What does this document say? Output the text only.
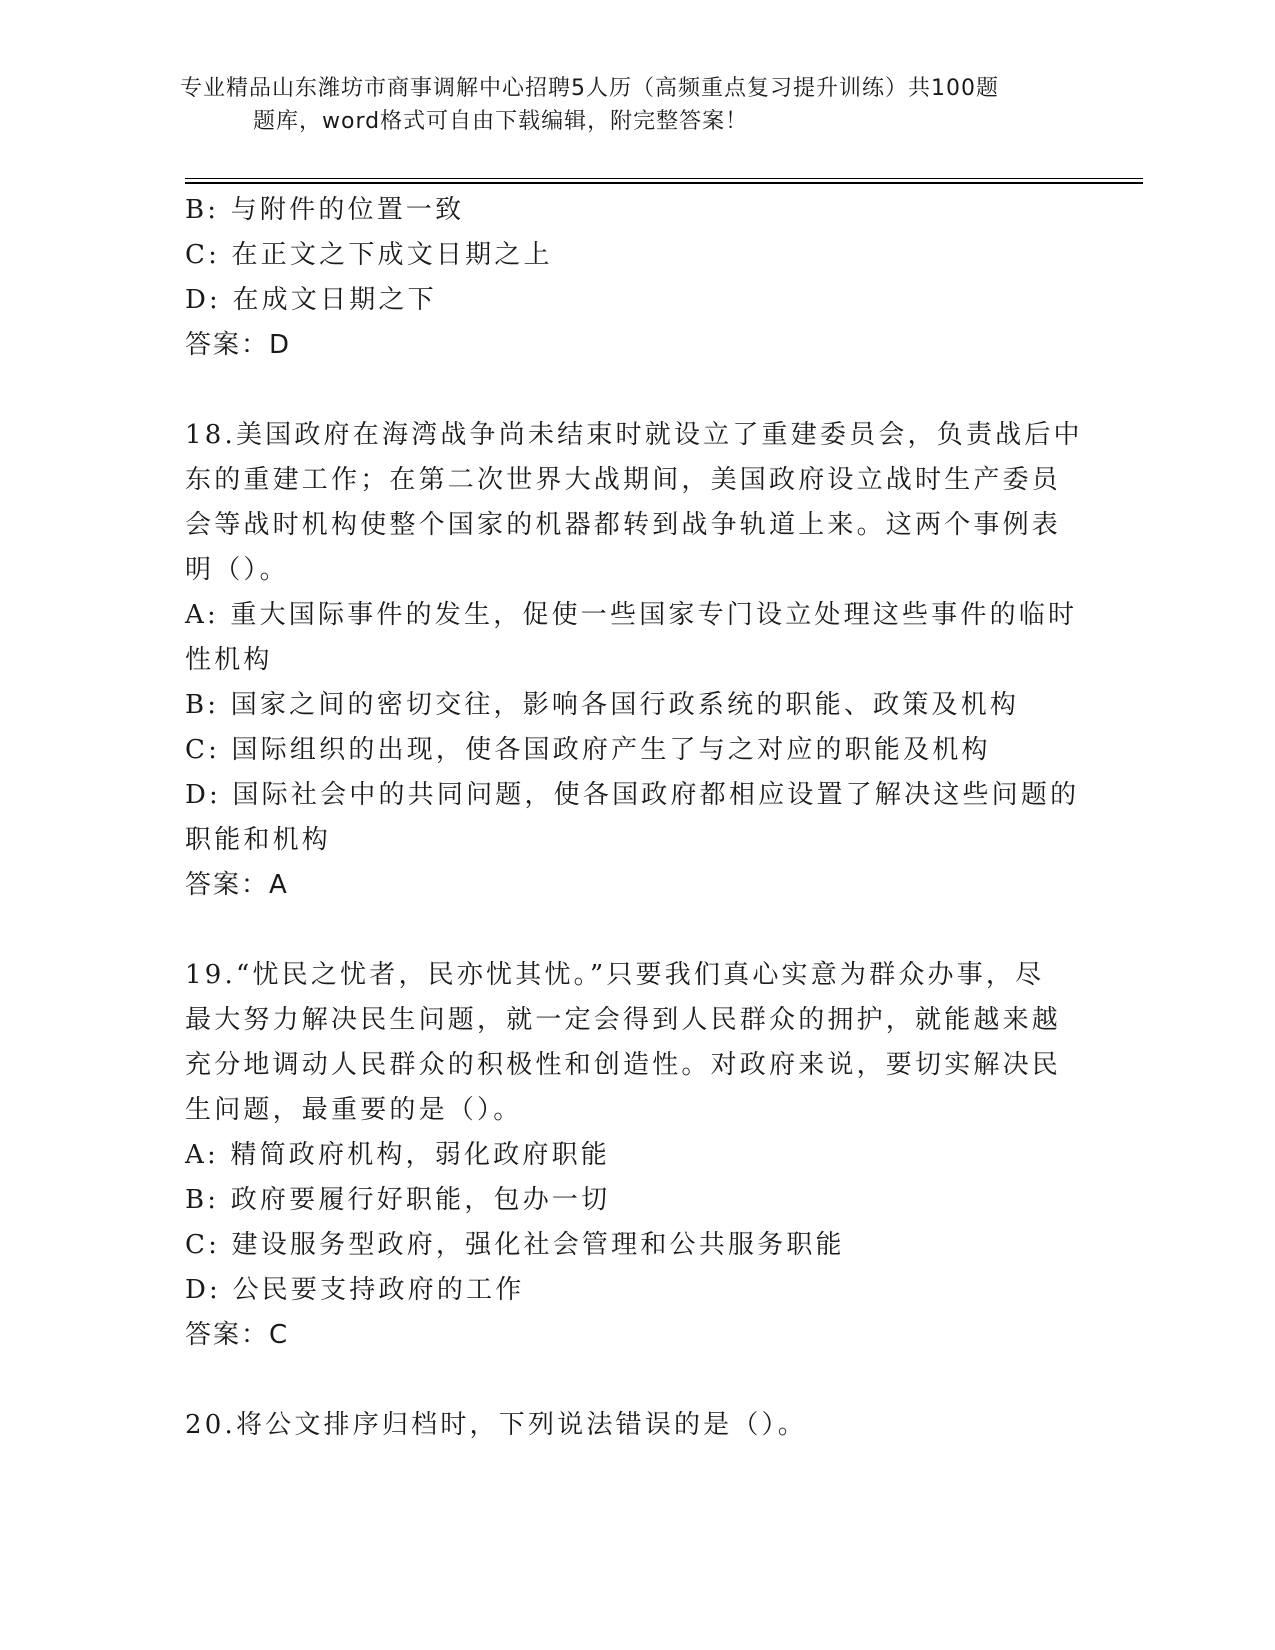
专业精品山东潍坊市商事调解中心招聘5人历（高频重点复习提升训练）共100题
题库，word格式可自由下载编辑，附完整答案！
B: 与附件的位置一致
C: 在正文之下成文日期之上
D: 在成文日期之下
答案：D
18.美国政府在海湾战争尚未结束时就设立了重建委员会，负责战后中
东的重建工作；在第二次世界大战期间，美国政府设立战时生产委员
会等战时机构使整个国家的机器都转到战争轨道上来。这两个事例表
明（）。
A: 重大国际事件的发生，促使一些国家专门设立处理这些事件的临时
性机构
B: 国家之间的密切交往，影响各国行政系统的职能、政策及机构
C: 国际组织的出现，使各国政府产生了与之对应的职能及机构
D: 国际社会中的共同问题，使各国政府都相应设置了解决这些问题的
职能和机构
答案：A
19.“忧民之忧者，民亦忧其忧。”只要我们真心实意为群众办事，尽
最大努力解决民生问题，就一定会得到人民群众的拥护，就能越来越
充分地调动人民群众的积极性和创造性。对政府来说，要切实解决民
生问题，最重要的是（）。
A: 精简政府机构，弱化政府职能
B: 政府要履行好职能，包办一切
C: 建设服务型政府，强化社会管理和公共服务职能
D: 公民要支持政府的工作
答案：C
20.将公文排序归档时，下列说法错误的是（）。
